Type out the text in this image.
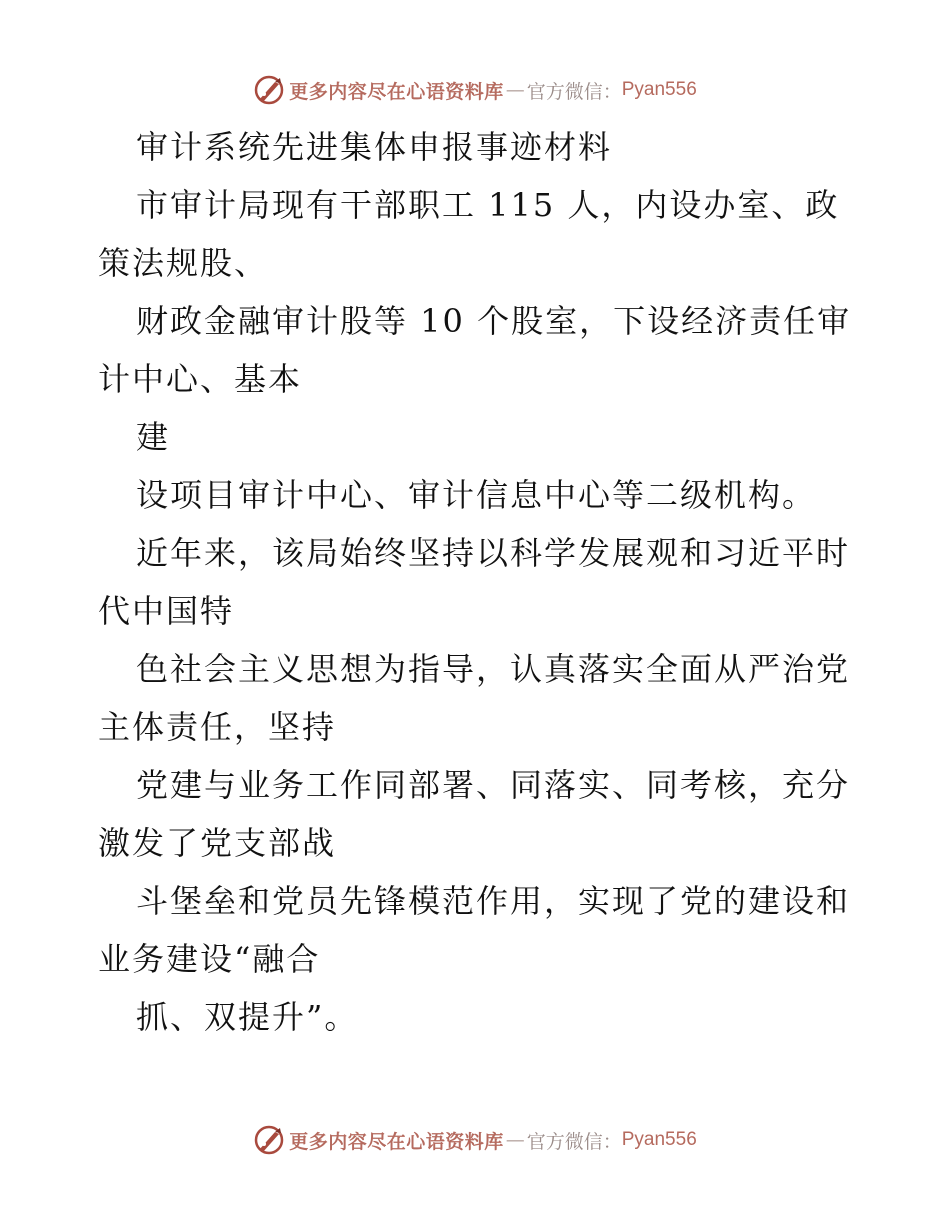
更多内容尽在心语资料库 — 官方微信： Pyan556
审计系统先进集体申报事迹材料
市审计局现有干部职工 115 人，内设办室、政
策法规股、
财政金融审计股等 10 个股室，下设经济责任审
计中心、基本
建
设项目审计中心、审计信息中心等二级机构。
近年来，该局始终坚持以科学发展观和习近平时
代中国特
色社会主义思想为指导，认真落实全面从严治党
主体责任，坚持
党建与业务工作同部署、同落实、同考核，充分
激发了党支部战
斗堡垒和党员先锋模范作用，实现了党的建设和
业务建设“融合
抓、双提升”。
更多内容尽在心语资料库 — 官方微信： Pyan556
